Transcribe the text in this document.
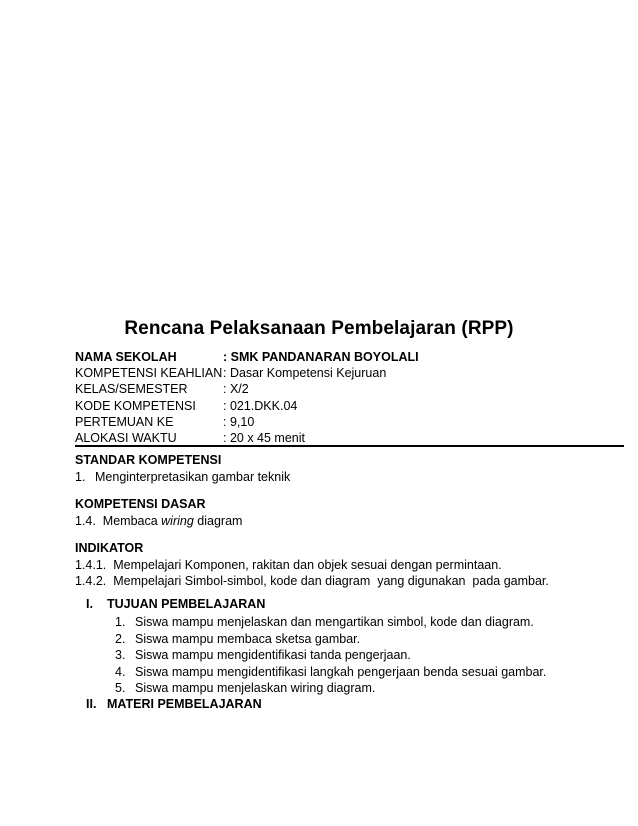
Rencana Pelaksanaan Pembelajaran (RPP)
NAMA SEKOLAH	: SMK PANDANARAN BOYOLALI
KOMPETENSI KEAHLIAN: Dasar Kompetensi Kejuruan
KELAS/SEMESTER	: X/2
KODE KOMPETENSI : 021.DKK.04
PERTEMUAN KE	: 9,10
ALOKASI WAKTU	: 20 x 45 menit
STANDAR KOMPETENSI
1. Menginterpretasikan gambar teknik
KOMPETENSI DASAR
1.4.  Membaca wiring diagram
INDIKATOR
1.4.1.  Mempelajari Komponen, rakitan dan objek sesuai dengan permintaan.
1.4.2.  Mempelajari Simbol-simbol, kode dan diagram  yang digunakan  pada gambar.
I. TUJUAN PEMBELAJARAN
1. Siswa mampu menjelaskan dan mengartikan simbol, kode dan diagram.
2. Siswa mampu membaca sketsa gambar.
3. Siswa mampu mengidentifikasi tanda pengerjaan.
4. Siswa mampu mengidentifikasi langkah pengerjaan benda sesuai gambar.
5. Siswa mampu menjelaskan wiring diagram.
II. MATERI PEMBELAJARAN
